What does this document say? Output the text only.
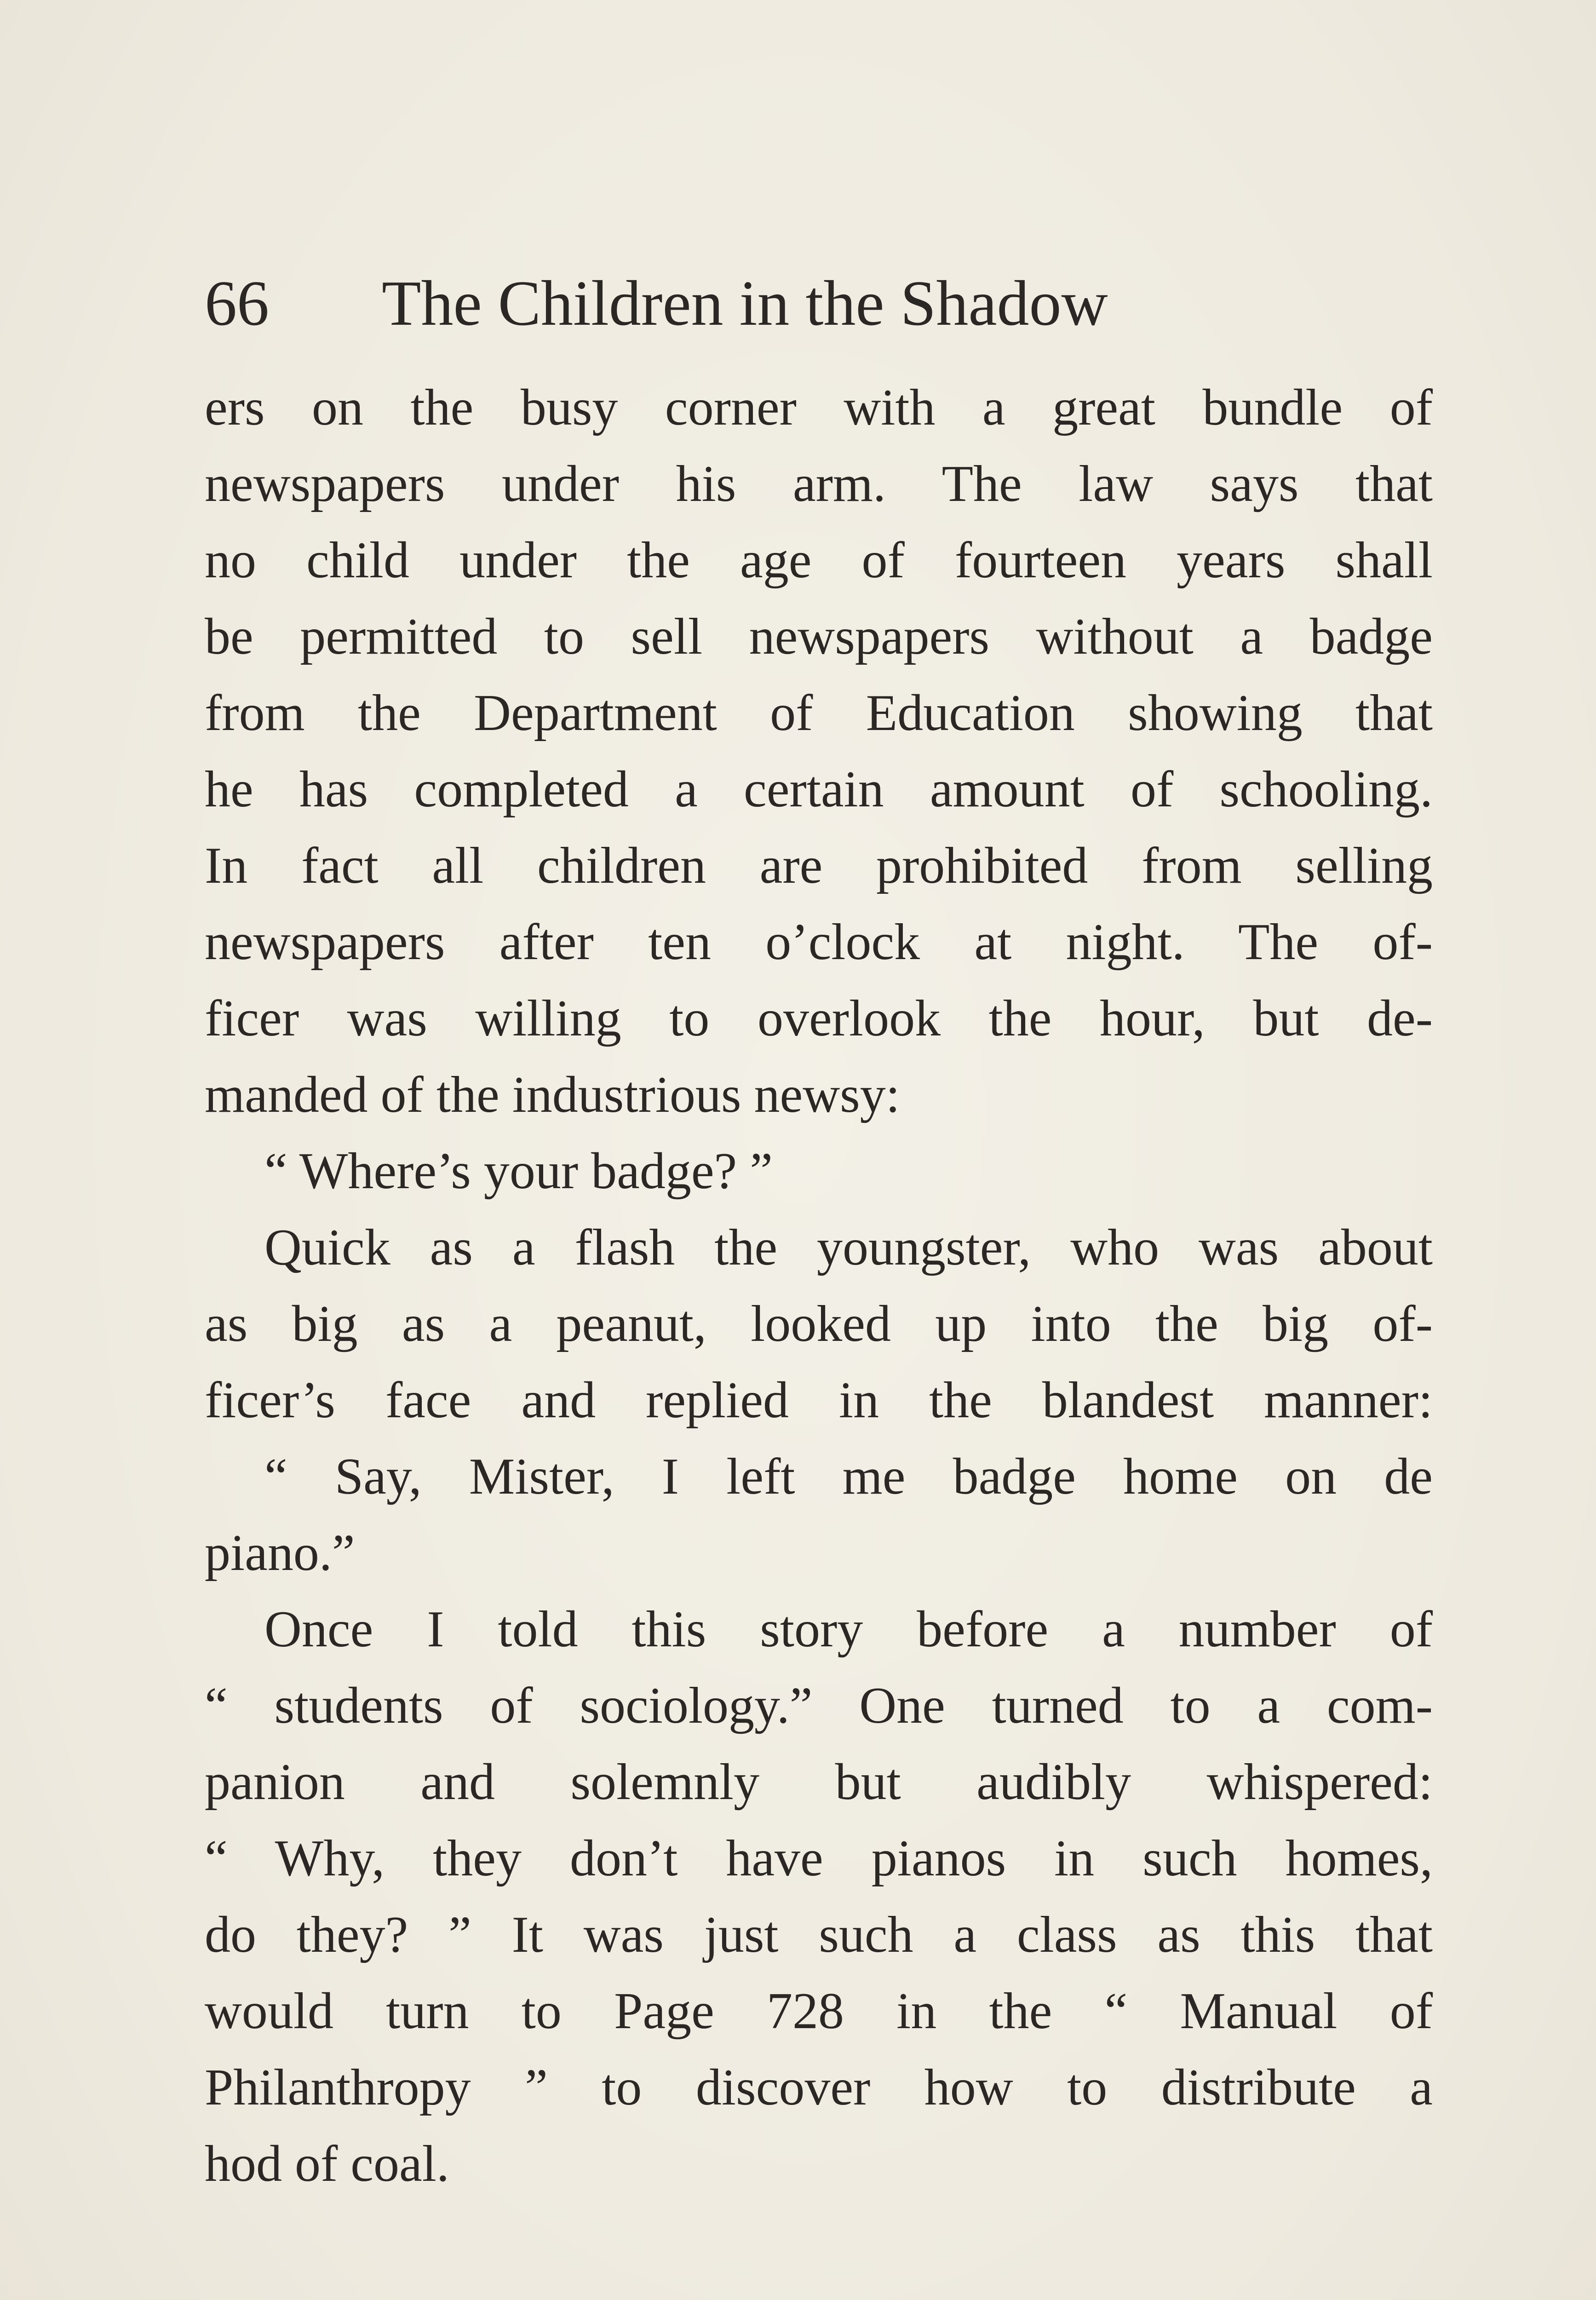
66 The Children in the Shadow
ers on the busy corner with a great bundle of
newspapers under his arm. The law says that
no child under the age of fourteen years shall
be permitted to sell newspapers without a badge
from the Department of Education showing that
he has completed a certain amount of schooling.
In fact all children are prohibited from selling
newspapers after ten o’clock at night. The of-
ficer was willing to overlook the hour, but de-
manded of the industrious newsy:
“ Where’s your badge? ”
Quick as a flash the youngster, who was about
as big as a peanut, looked up into the big of-
ficer’s face and replied in the blandest manner:
“ Say, Mister, I left me badge home on de
piano.”
Once I told this story before a number of
“ students of sociology.” One turned to a com-
panion and solemnly but audibly whispered:
“ Why, they don’t have pianos in such homes,
do they? ” It was just such a class as this that
would turn to Page 728 in the “ Manual of
Philanthropy ” to discover how to distribute a
hod of coal.
